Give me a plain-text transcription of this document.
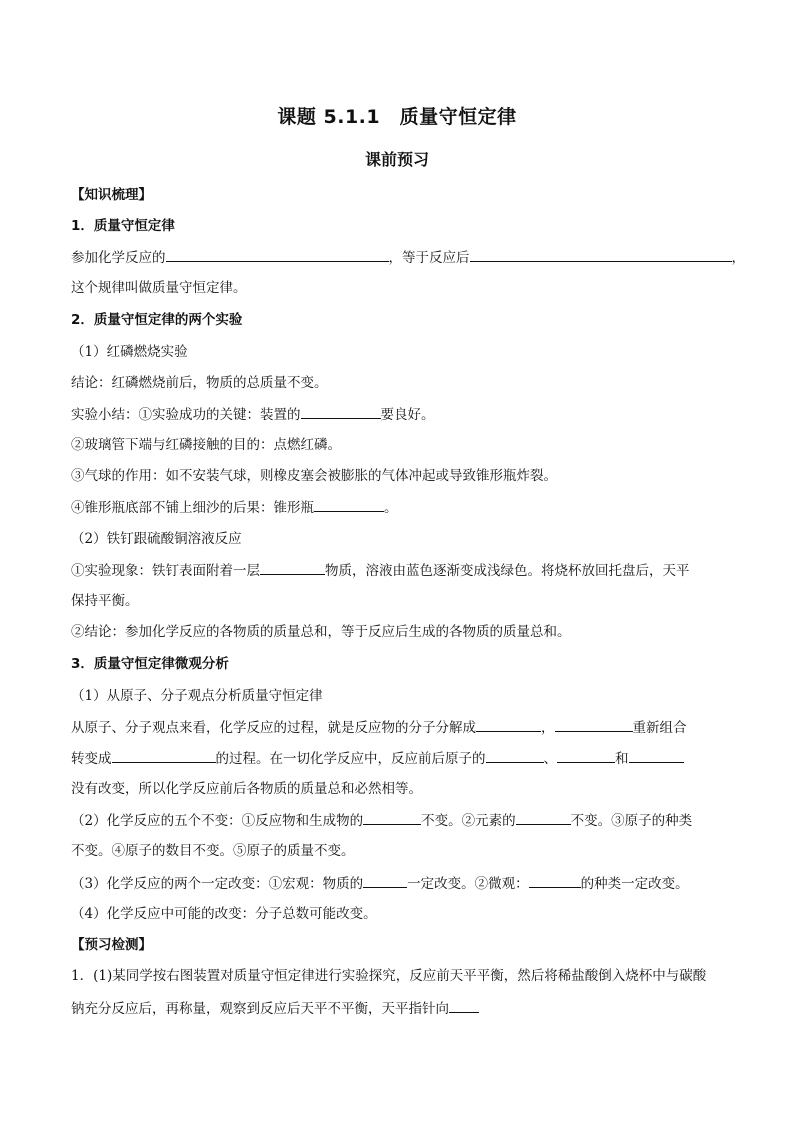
课题 5.1.1　质量守恒定律
课前预习
【知识梳理】
1．质量守恒定律
参加化学反应的	，等于反应后	，
这个规律叫做质量守恒定律。
2．质量守恒定律的两个实验
（1）红磷燃烧实验
结论：红磷燃烧前后，物质的总质量不变。
实验小结：①实验成功的关键：装置的	要良好。
②玻璃管下端与红磷接触的目的：点燃红磷。
③气球的作用：如不安装气球，则橡皮塞会被膨胀的气体冲起或导致锥形瓶炸裂。
④锥形瓶底部不铺上细沙的后果：锥形瓶	。
（2）铁钉跟硫酸铜溶液反应
①实验现象：铁钉表面附着一层	物质，溶液由蓝色逐渐变成浅绿色。将烧杯放回托盘后，天平
保持平衡。
②结论：参加化学反应的各物质的质量总和，等于反应后生成的各物质的质量总和。
3．质量守恒定律微观分析
（1）从原子、分子观点分析质量守恒定律
从原子、分子观点来看，化学反应的过程，就是反应物的分子分解成	，	重新组合
转变成	的过程。在一切化学反应中，反应前后原子的	、	和
没有改变，所以化学反应前后各物质的质量总和必然相等。
（2）化学反应的五个不变：①反应物和生成物的	不变。②元素的	不变。③原子的种类
不变。④原子的数目不变。⑤原子的质量不变。
（3）化学反应的两个一定改变：①宏观：物质的	一定改变。②微观：	的种类一定改变。
（4）化学反应中可能的改变：分子总数可能改变。
【预习检测】
1．(1)某同学按右图装置对质量守恒定律进行实验探究，反应前天平平衡，然后将稀盐酸倒入烧杯中与碳酸
钠充分反应后，再称量，观察到反应后天平不平衡，天平指针向
